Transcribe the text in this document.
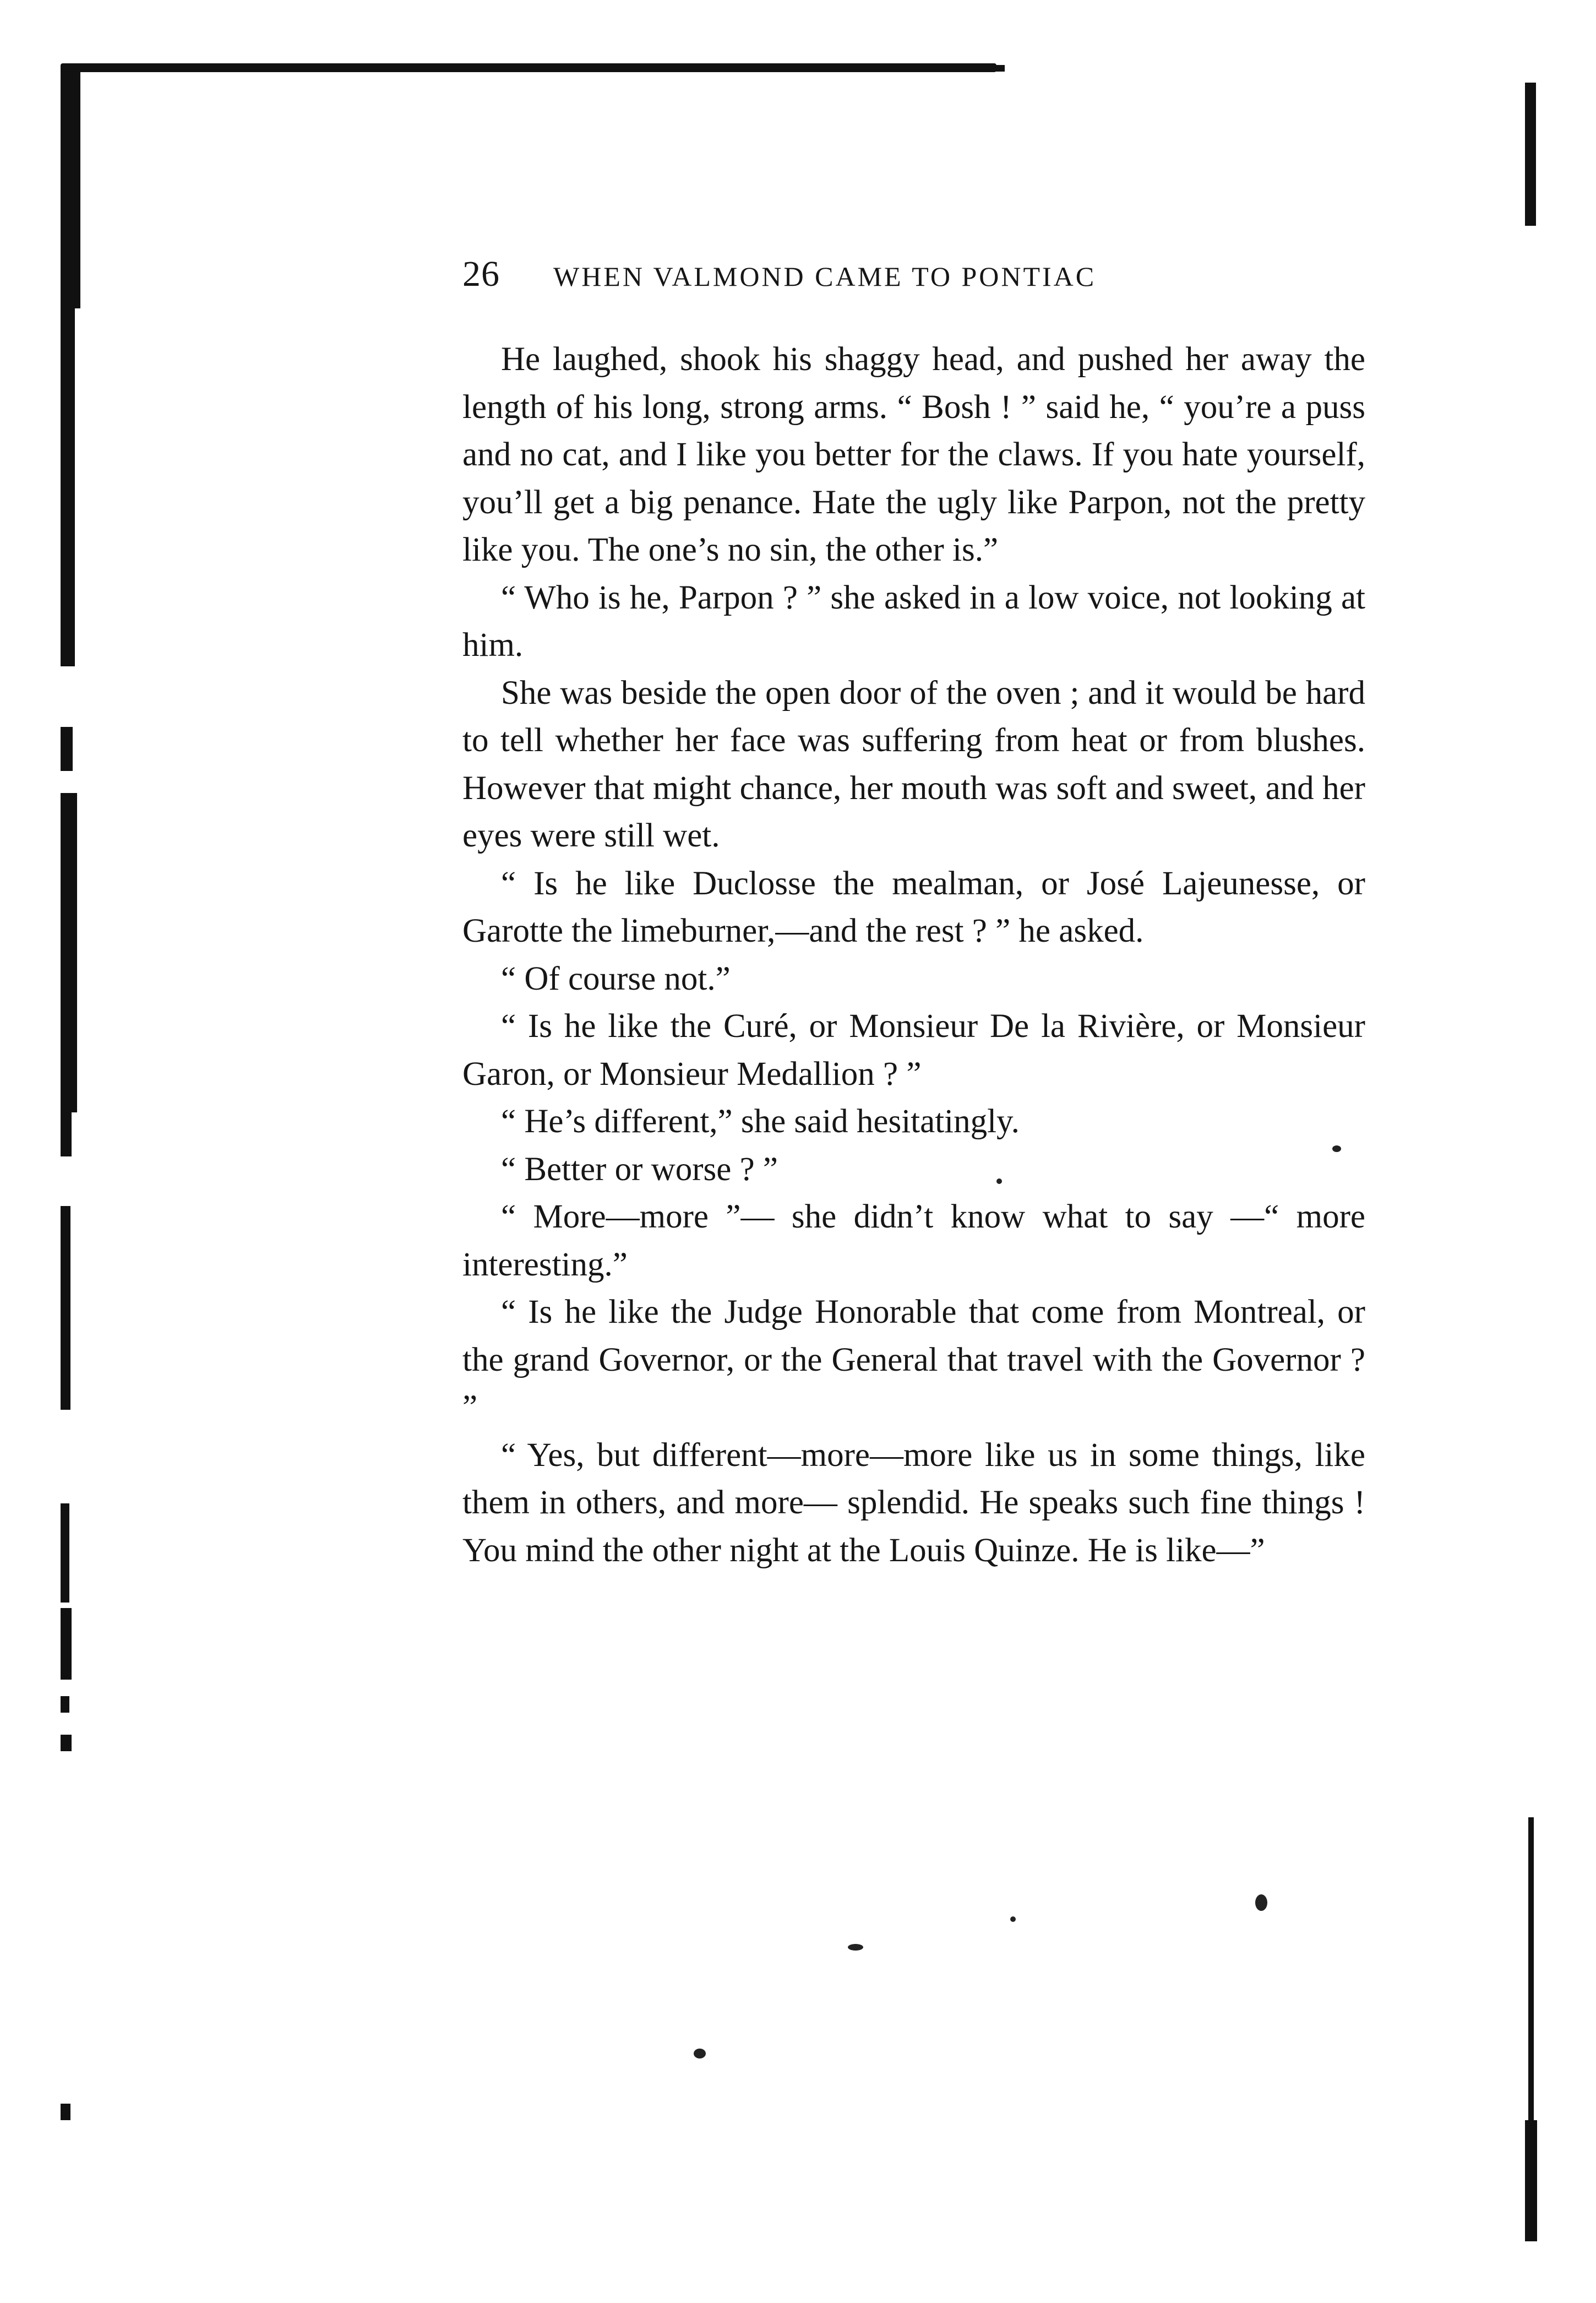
26	WHEN VALMOND CAME TO PONTIAC

He laughed, shook his shaggy head, and pushed her away the length of his long, strong arms. “ Bosh ! ” said he, “ you’re a puss and no cat, and I like you better for the claws. If you hate yourself, you’ll get a big penance. Hate the ugly like Parpon, not the pretty like you. The one’s no sin, the other is.”

“ Who is he, Parpon ? ” she asked in a low voice, not looking at him.

She was beside the open door of the oven ; and it would be hard to tell whether her face was suffering from heat or from blushes. However that might chance, her mouth was soft and sweet, and her eyes were still wet.

“ Is he like Duclosse the mealman, or José Lajeunesse, or Garotte the limeburner,—and the rest ? ” he asked.

“ Of course not.”

“ Is he like the Curé, or Monsieur De la Rivière, or Monsieur Garon, or Monsieur Medallion ? ”

“ He’s different,” she said hesitatingly.

“ Better or worse ? ”

“ More—more ”— she didn’t know what to say —“ more interesting.”

“ Is he like the Judge Honorable that come from Montreal, or the grand Governor, or the General that travel with the Governor ? ”

“ Yes, but different—more—more like us in some things, like them in others, and more— splendid. He speaks such fine things ! You mind the other night at the Louis Quinze. He is like—”
